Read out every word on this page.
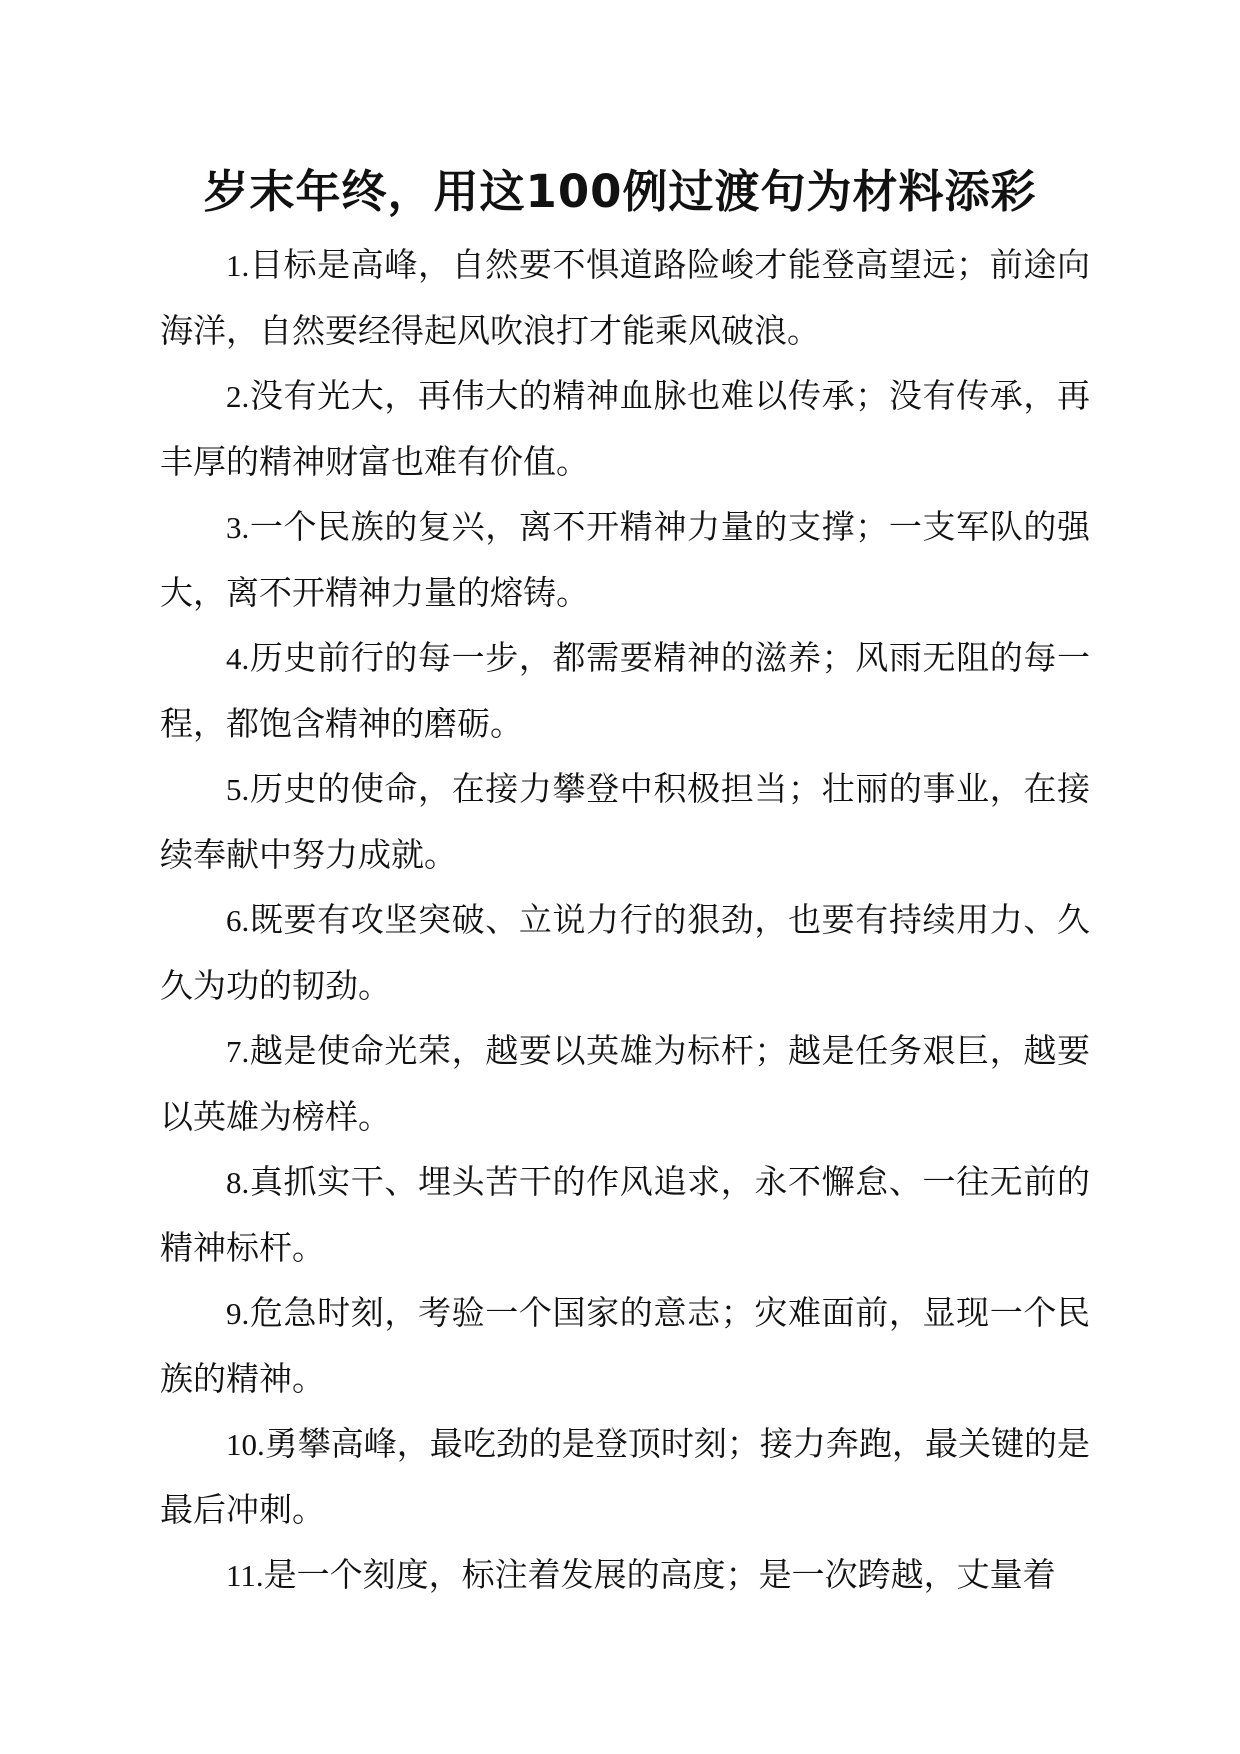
岁末年终，用这100例过渡句为材料添彩

1.目标是高峰，自然要不惧道路险峻才能登高望远；前途向海洋，自然要经得起风吹浪打才能乘风破浪。

2.没有光大，再伟大的精神血脉也难以传承；没有传承，再丰厚的精神财富也难有价值。

3.一个民族的复兴，离不开精神力量的支撑；一支军队的强大，离不开精神力量的熔铸。

4.历史前行的每一步，都需要精神的滋养；风雨无阻的每一程，都饱含精神的磨砺。

5.历史的使命，在接力攀登中积极担当；壮丽的事业，在接续奉献中努力成就。

6.既要有攻坚突破、立说力行的狠劲，也要有持续用力、久久为功的韧劲。

7.越是使命光荣，越要以英雄为标杆；越是任务艰巨，越要以英雄为榜样。

8.真抓实干、埋头苦干的作风追求，永不懈怠、一往无前的精神标杆。

9.危急时刻，考验一个国家的意志；灾难面前，显现一个民族的精神。

10.勇攀高峰，最吃劲的是登顶时刻；接力奔跑，最关键的是最后冲刺。

11.是一个刻度，标注着发展的高度；是一次跨越，丈量着
